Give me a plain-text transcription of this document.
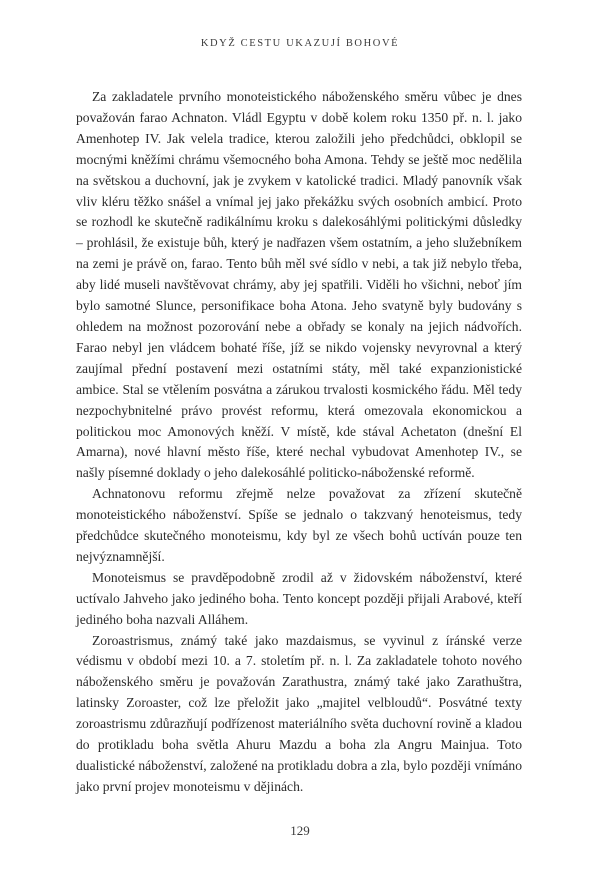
KDYŽ CESTU UKAZUJÍ BOHOVÉ

Za zakladatele prvního monoteistického náboženského směru vůbec je dnes považován farao Achnaton. Vládl Egyptu v době kolem roku 1350 př. n. l. jako Amenhotep IV. Jak velela tradice, kterou založili jeho předchůdci, obklopil se mocnými kněžími chrámu všemocného boha Amona. Tehdy se ještě moc nedělila na světskou a duchovní, jak je zvykem v katolické tradici. Mladý panovník však vliv kléru těžko snášel a vnímal jej jako překážku svých osobních ambicí. Proto se rozhodl ke skutečně radikálnímu kroku s dalekosáhlými politickými důsledky – prohlásil, že existuje bůh, který je nadřazen všem ostatním, a jeho služebníkem na zemi je právě on, farao. Tento bůh měl své sídlo v nebi, a tak již nebylo třeba, aby lidé museli navštěvovat chrámy, aby jej spatřili. Viděli ho všichni, neboť jím bylo samotné Slunce, personifikace boha Atona. Jeho svatyně byly budovány s ohledem na možnost pozorování nebe a obřady se konaly na jejich nádvořích. Farao nebyl jen vládcem bohaté říše, jíž se nikdo vojensky nevyrovnal a který zaujímal přední postavení mezi ostatními státy, měl také expanzionistické ambice. Stal se vtělením posvátna a zárukou trvalosti kosmického řádu. Měl tedy nezpochybnitelné právo provést reformu, která omezovala ekonomickou a politickou moc Amonových kněží. V místě, kde stával Achetaton (dnešní El Amarna), nové hlavní město říše, které nechal vybudovat Amenhotep IV., se našly písemné doklady o jeho dalekosáhlé politicko-náboženské reformě.

Achnatonovu reformu zřejmě nelze považovat za zřízení skutečně monoteistického náboženství. Spíše se jednalo o takzvaný henoteismus, tedy předchůdce skutečného monoteismu, kdy byl ze všech bohů uctíván pouze ten nejvýznamnější.

Monoteismus se pravděpodobně zrodil až v židovském náboženství, které uctívalo Jahveho jako jediného boha. Tento koncept později přijali Arabové, kteří jediného boha nazvali Alláhem.

Zoroastrismus, známý také jako mazdaismus, se vyvinul z íránské verze védismu v období mezi 10. a 7. stoletím př. n. l. Za zakladatele tohoto nového náboženského směru je považován Zarathustra, známý také jako Zarathuštra, latinsky Zoroaster, což lze přeložit jako „majitel velbloudů“. Posvátné texty zoroastrismu zdůrazňují podřízenost materiálního světa duchovní rovině a kladou do protikladu boha světla Ahuru Mazdu a boha zla Angru Mainjua. Toto dualistické náboženství, založené na protikladu dobra a zla, bylo později vnímáno jako první projev monoteismu v dějinách.

129
